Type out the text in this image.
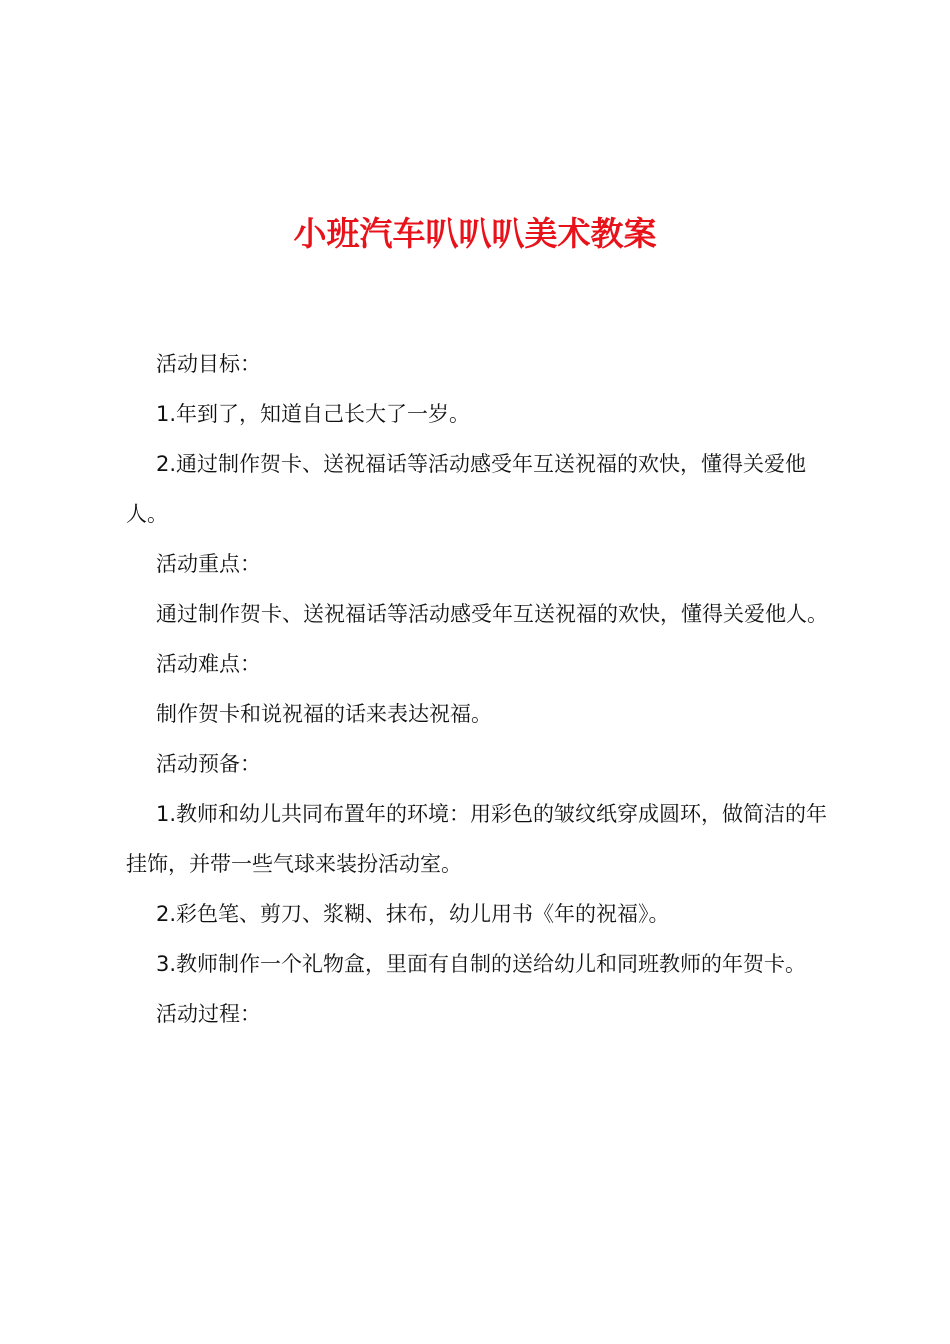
小班汽车叭叭叭美术教案

活动目标：

1.年到了，知道自己长大了一岁。

2.通过制作贺卡、送祝福话等活动感受年互送祝福的欢快，懂得关爱他人。

活动重点：

通过制作贺卡、送祝福话等活动感受年互送祝福的欢快，懂得关爱他人。

活动难点：

制作贺卡和说祝福的话来表达祝福。

活动预备：

1.教师和幼儿共同布置年的环境：用彩色的皱纹纸穿成圆环，做简洁的年挂饰，并带一些气球来装扮活动室。

2.彩色笔、剪刀、浆糊、抹布，幼儿用书《年的祝福》。

3.教师制作一个礼物盒，里面有自制的送给幼儿和同班教师的年贺卡。

活动过程：
